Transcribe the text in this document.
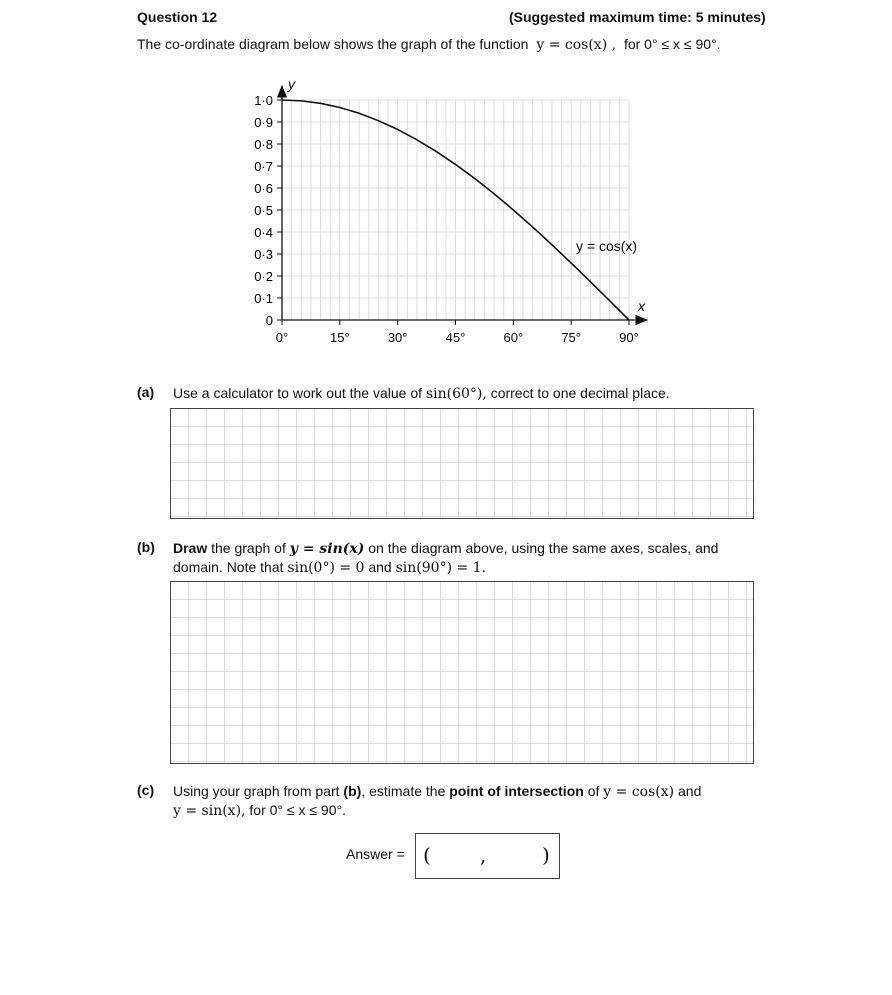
Question 12	(Suggested maximum time: 5 minutes)
The co-ordinate diagram below shows the graph of the function y = cos(x) , for 0° ≤ x ≤ 90°.
0
0·1
0·2
0·3
0·4
0·5
0·6
0·7
0·8
0·9
1·0
0°	15°	30°	45°	60°	75°	90°
y
x
y = cos(x)
(a) Use a calculator to work out the value of sin(60°), correct to one decimal place.
(b) Draw the graph of y = sin(x) on the diagram above, using the same axes, scales, and
domain. Note that sin(0°) = 0 and sin(90°) = 1.
(c) Using your graph from part (b), estimate the point of intersection of y = cos(x) and
y = sin(x), for 0° ≤ x ≤ 90°.
Answer = ( ,	)
